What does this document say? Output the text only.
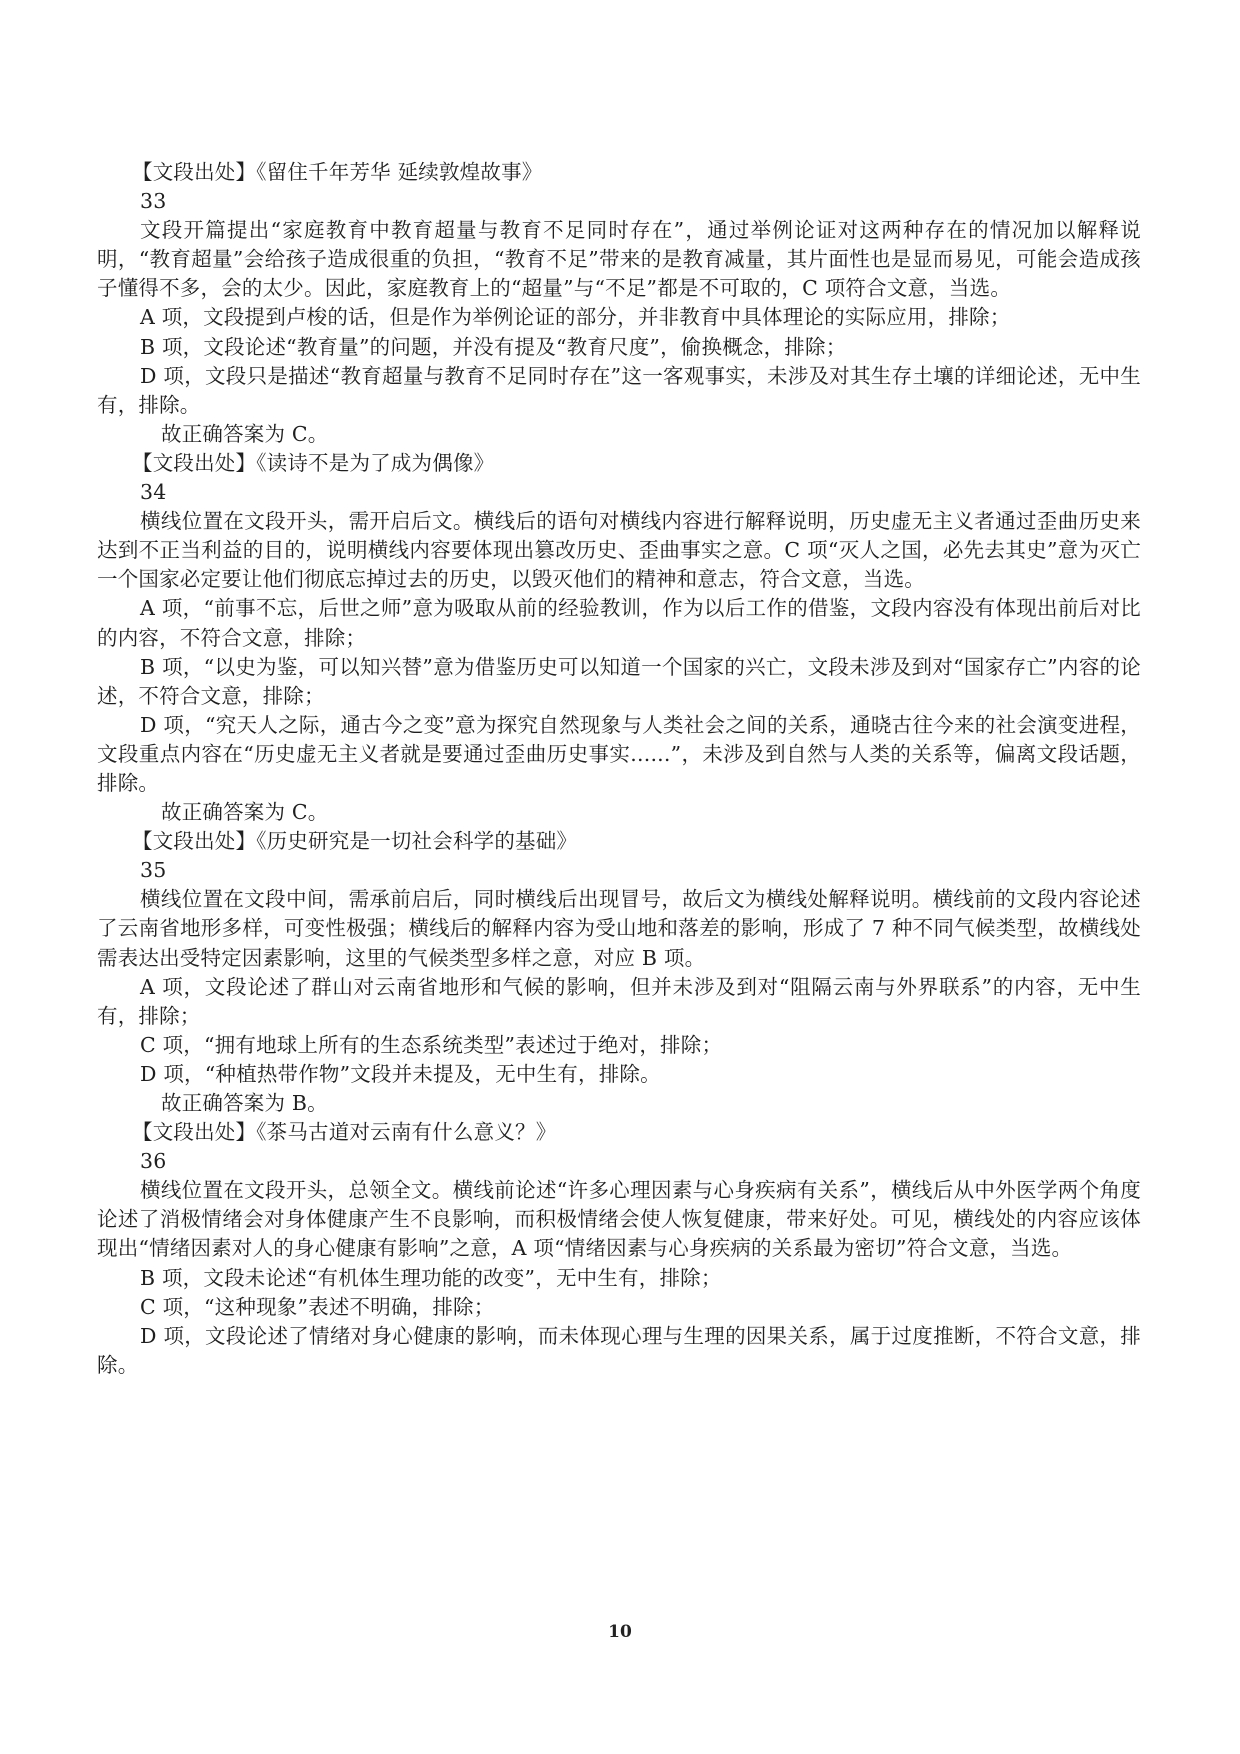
【文段出处】《留住千年芳华 延续敦煌故事》

33

文段开篇提出“家庭教育中教育超量与教育不足同时存在”，通过举例论证对这两种存在的情况加以解释说明，“教育超量”会给孩子造成很重的负担，“教育不足”带来的是教育减量，其片面性也是显而易见，可能会造成孩子懂得不多，会的太少。因此，家庭教育上的“超量”与“不足”都是不可取的，C 项符合文意，当选。

A 项，文段提到卢梭的话，但是作为举例论证的部分，并非教育中具体理论的实际应用，排除；

B 项，文段论述“教育量”的问题，并没有提及“教育尺度”，偷换概念，排除；

D 项，文段只是描述“教育超量与教育不足同时存在”这一客观事实，未涉及对其生存土壤的详细论述，无中生有，排除。

故正确答案为 C。

【文段出处】《读诗不是为了成为偶像》

34

横线位置在文段开头，需开启后文。横线后的语句对横线内容进行解释说明，历史虚无主义者通过歪曲历史来达到不正当利益的目的，说明横线内容要体现出篡改历史、歪曲事实之意。C 项“灭人之国，必先去其史”意为灭亡一个国家必定要让他们彻底忘掉过去的历史，以毁灭他们的精神和意志，符合文意，当选。

A 项，“前事不忘，后世之师”意为吸取从前的经验教训，作为以后工作的借鉴，文段内容没有体现出前后对比的内容，不符合文意，排除；

B 项，“以史为鉴，可以知兴替”意为借鉴历史可以知道一个国家的兴亡，文段未涉及到对“国家存亡”内容的论述，不符合文意，排除；

D 项，“究天人之际，通古今之变”意为探究自然现象与人类社会之间的关系，通晓古往今来的社会演变进程，文段重点内容在“历史虚无主义者就是要通过歪曲历史事实......”，未涉及到自然与人类的关系等，偏离文段话题，排除。

故正确答案为 C。

【文段出处】《历史研究是一切社会科学的基础》

35

横线位置在文段中间，需承前启后，同时横线后出现冒号，故后文为横线处解释说明。横线前的文段内容论述了云南省地形多样，可变性极强；横线后的解释内容为受山地和落差的影响，形成了 7 种不同气候类型，故横线处需表达出受特定因素影响，这里的气候类型多样之意，对应 B 项。

A 项，文段论述了群山对云南省地形和气候的影响，但并未涉及到对“阻隔云南与外界联系”的内容，无中生有，排除；

C 项，“拥有地球上所有的生态系统类型”表述过于绝对，排除；

D 项，“种植热带作物”文段并未提及，无中生有，排除。

故正确答案为 B。

【文段出处】《茶马古道对云南有什么意义？》

36

横线位置在文段开头，总领全文。横线前论述“许多心理因素与心身疾病有关系”，横线后从中外医学两个角度论述了消极情绪会对身体健康产生不良影响，而积极情绪会使人恢复健康，带来好处。可见，横线处的内容应该体现出“情绪因素对人的身心健康有影响”之意，A 项“情绪因素与心身疾病的关系最为密切”符合文意，当选。

B 项，文段未论述“有机体生理功能的改变”，无中生有，排除；

C 项，“这种现象”表述不明确，排除；

D 项，文段论述了情绪对身心健康的影响，而未体现心理与生理的因果关系，属于过度推断，不符合文意，排除。

10
